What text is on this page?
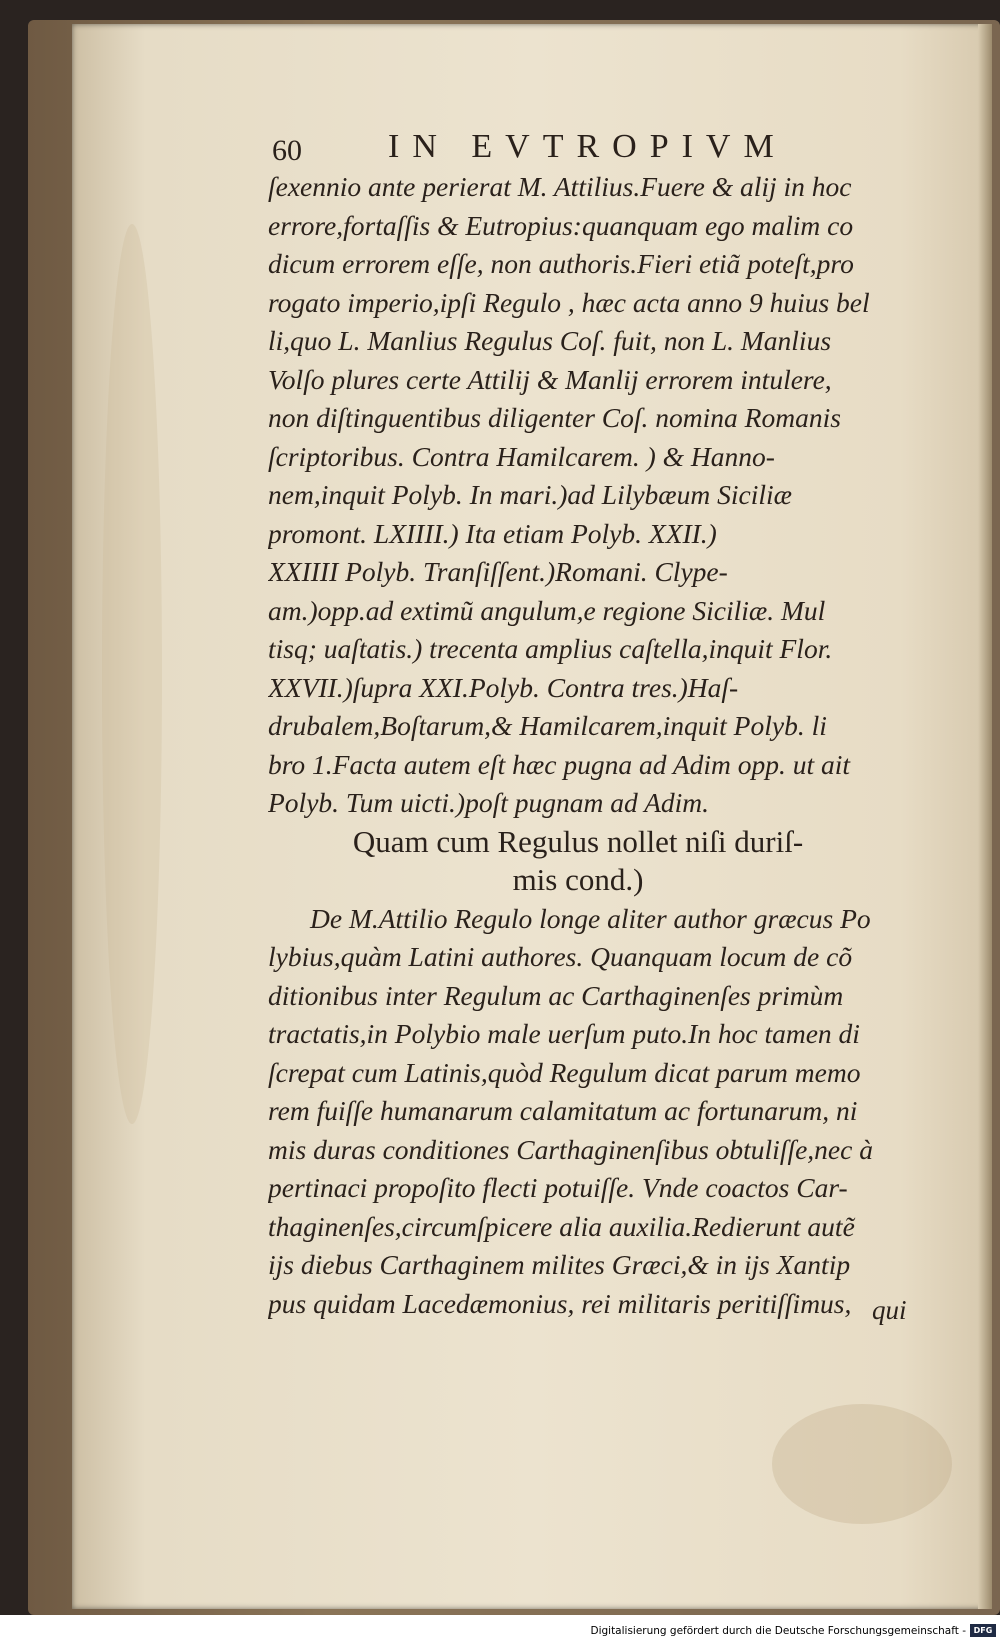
60	IN EVTROPIVM
ſexennio ante perierat M. Attilius.Fuere & alij in hoc
errore,fortaſſis & Eutropius:quanquam ego malim co
dicum errorem eſſe, non authoris.Fieri etiã poteſt,pro
rogato imperio,ipſi Regulo , hæc acta anno 9 huius bel
li,quo L. Manlius Regulus Coſ. fuit, non L. Manlius
Volſo plures certe Attilij & Manlij errorem intulere,
non diſtinguentibus diligenter Coſ. nomina Romanis
ſcriptoribus. Contra Hamilcarem. ) & Hanno-
nem,inquit Polyb. In mari.)ad Lilybæum Siciliæ
promont. LXIIII.) Ita etiam Polyb. XXII.)
XXIIII Polyb. Tranſiſſent.)Romani. Clype-
am.)opp.ad extimũ angulum,e regione Siciliæ. Mul
tisq; uaſtatis.) trecenta amplius caſtella,inquit Flor.
XXVII.)ſupra XXI.Polyb. Contra tres.)Haſ-
drubalem,Boſtarum,& Hamilcarem,inquit Polyb. li
bro 1.Facta autem eſt hæc pugna ad Adim opp. ut ait
Polyb. Tum uicti.)poſt pugnam ad Adim.
Quam cum Regulus nollet niſi duriſ-
mis cond.)
De M.Attilio Regulo longe aliter author græcus Po
lybius,quàm Latini authores. Quanquam locum de cõ
ditionibus inter Regulum ac Carthaginenſes primùm
tractatis,in Polybio male uerſum puto.In hoc tamen di
ſcrepat cum Latinis,quòd Regulum dicat parum memo
rem fuiſſe humanarum calamitatum ac fortunarum, ni
mis duras conditiones Carthaginenſibus obtuliſſe,nec à
pertinaci propoſito flecti potuiſſe. Vnde coactos Car-
thaginenſes,circumſpicere alia auxilia.Redierunt autẽ
ijs diebus Carthaginem milites Græci,& in ijs Xantip
pus quidam Lacedæmonius, rei militaris peritiſſimus, qui
Digitalisierung gefördert durch die Deutsche Forschungsgemeinschaft - DFG
